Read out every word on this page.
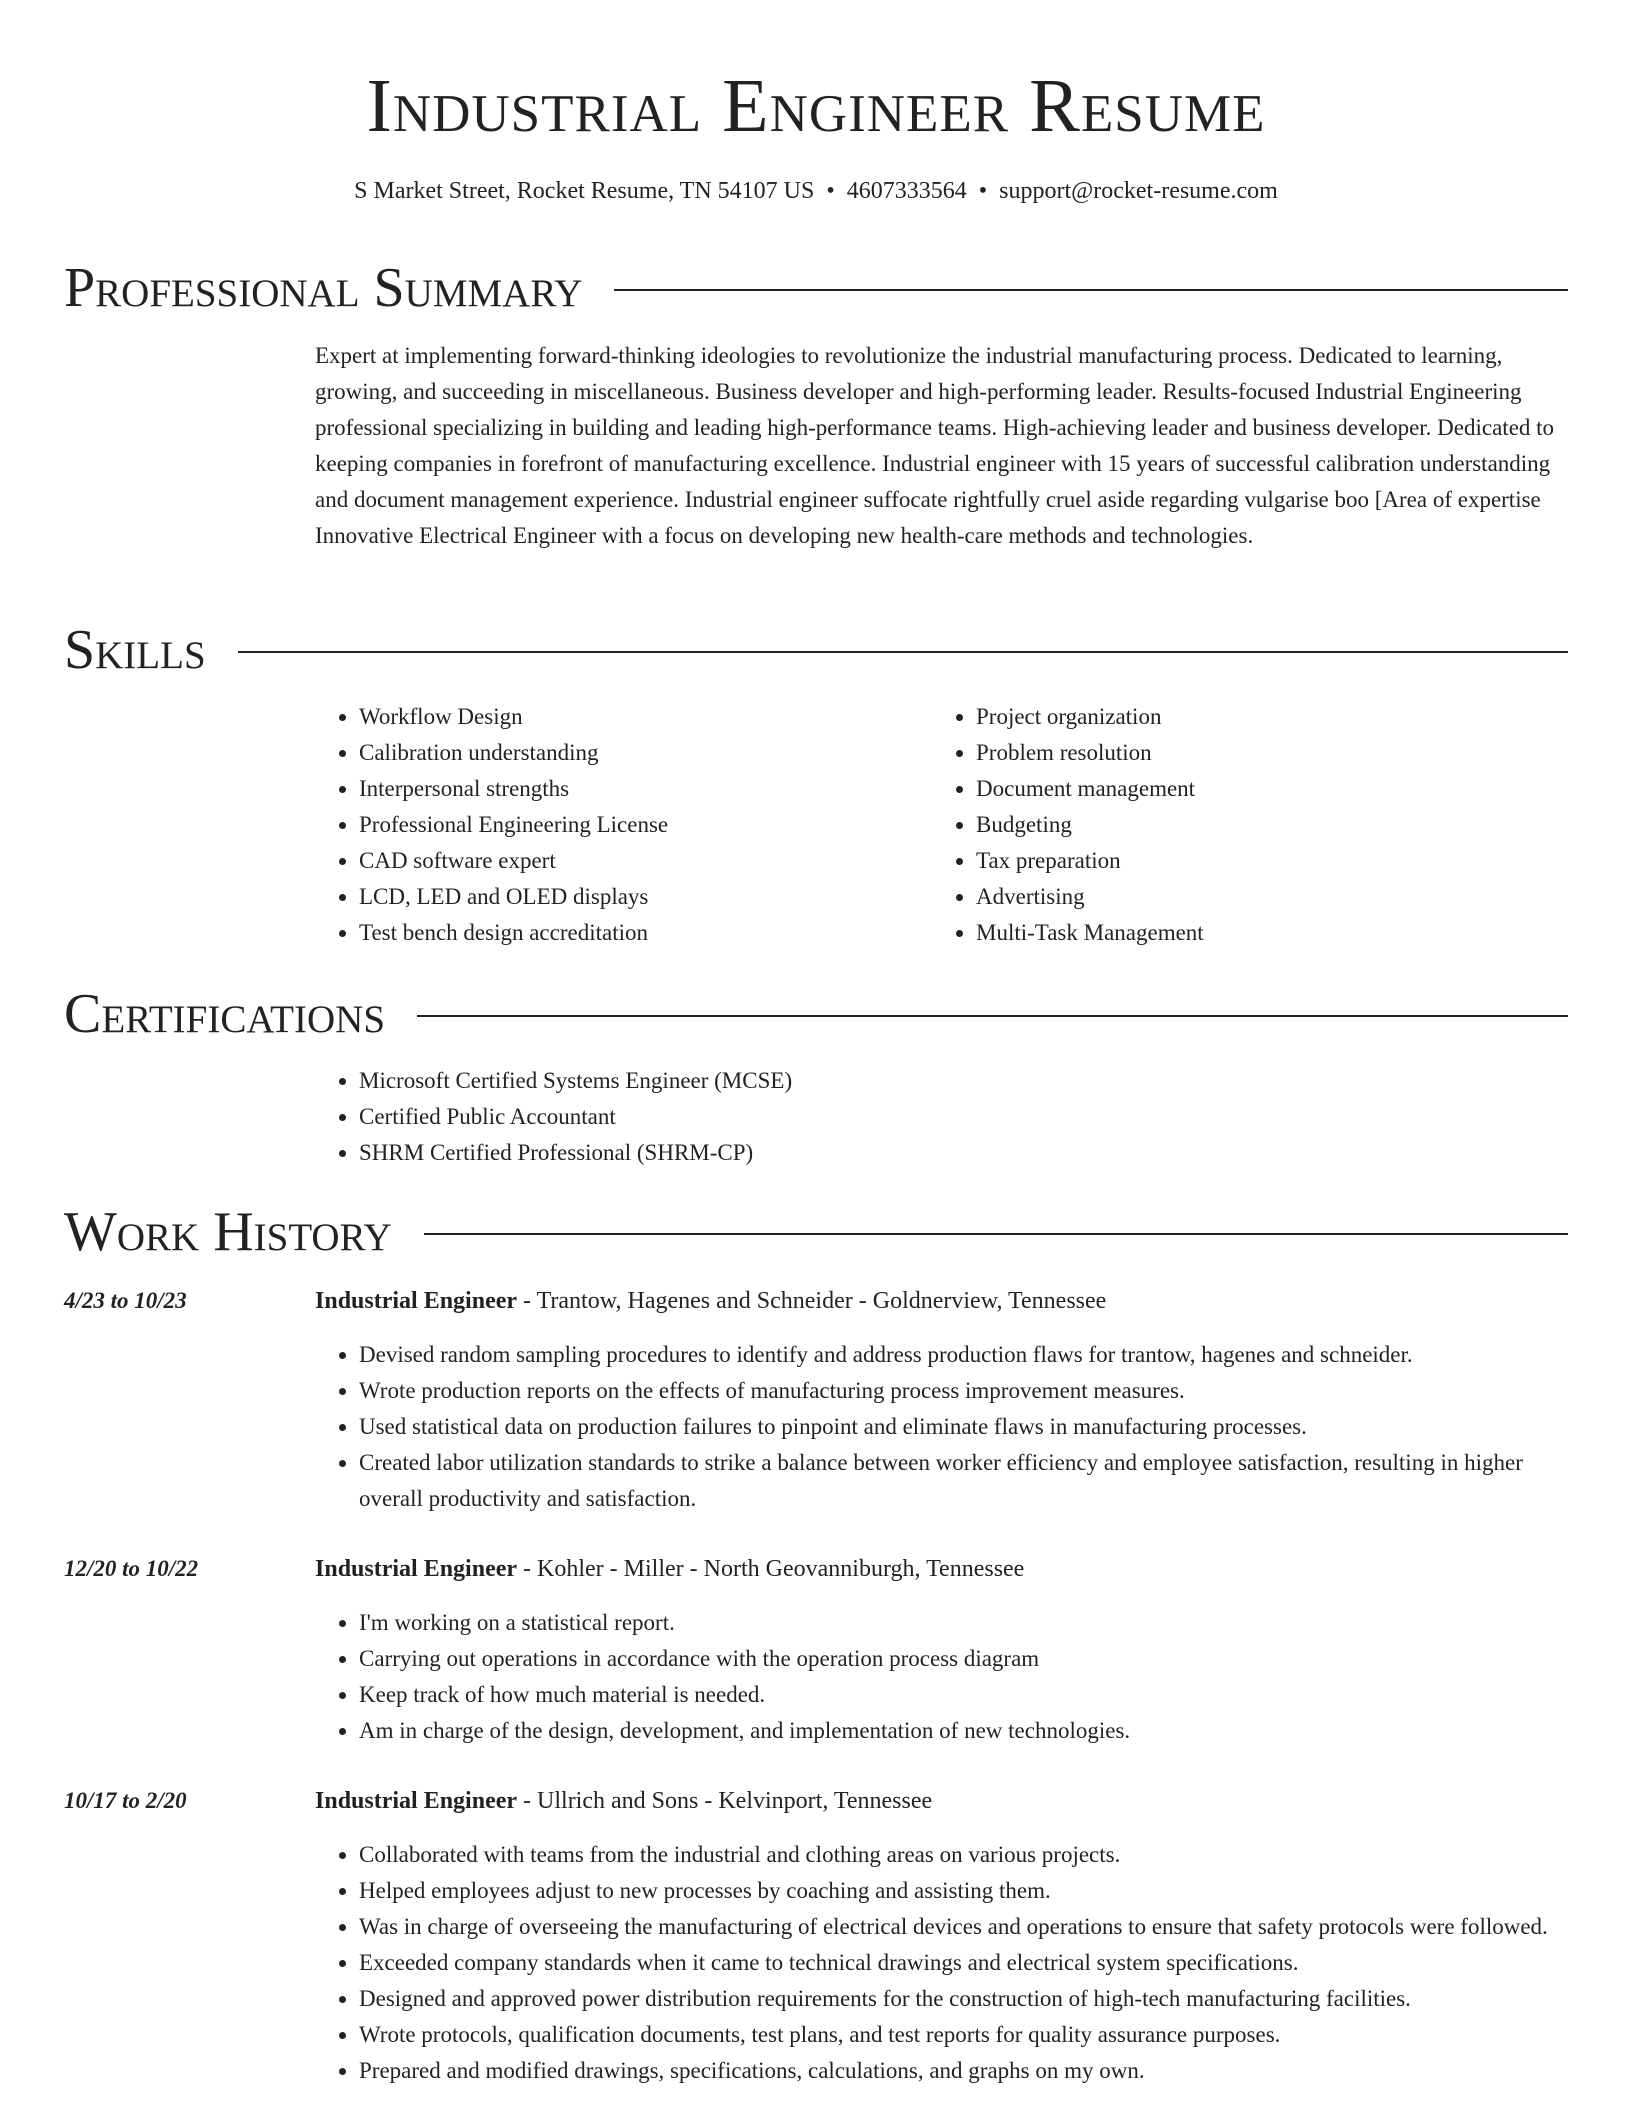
Industrial Engineer Resume
S Market Street, Rocket Resume, TN 54107 US • 4607333564 • support@rocket-resume.com
Professional Summary

Expert at implementing forward-thinking ideologies to revolutionize the industrial manufacturing process. Dedicated to learning, growing, and succeeding in miscellaneous. Business developer and high-performing leader. Results-focused Industrial Engineering professional specializing in building and leading high-performance teams. High-achieving leader and business developer. Dedicated to keeping companies in forefront of manufacturing excellence. Industrial engineer with 15 years of successful calibration understanding and document management experience. Industrial engineer suffocate rightfully cruel aside regarding vulgarise boo [Area of expertise Innovative Electrical Engineer with a focus on developing new health-care methods and technologies.

Skills
• Workflow Design
• Calibration understanding
• Interpersonal strengths
• Professional Engineering License
• CAD software expert
• LCD, LED and OLED displays
• Test bench design accreditation
• Project organization
• Problem resolution
• Document management
• Budgeting
• Tax preparation
• Advertising
• Multi-Task Management
Certifications
• Microsoft Certified Systems Engineer (MCSE)
• Certified Public Accountant
• SHRM Certified Professional (SHRM-CP)
Work History
4/23 to 10/23	Industrial Engineer - Trantow, Hagenes and Schneider - Goldnerview, Tennessee
• Devised random sampling procedures to identify and address production flaws for trantow, hagenes and schneider.
• Wrote production reports on the effects of manufacturing process improvement measures.
• Used statistical data on production failures to pinpoint and eliminate flaws in manufacturing processes.
• Created labor utilization standards to strike a balance between worker efficiency and employee satisfaction, resulting in higher overall productivity and satisfaction.
12/20 to 10/22	Industrial Engineer - Kohler - Miller - North Geovanniburgh, Tennessee
• I'm working on a statistical report.
• Carrying out operations in accordance with the operation process diagram
• Keep track of how much material is needed.
• Am in charge of the design, development, and implementation of new technologies.
10/17 to 2/20	Industrial Engineer - Ullrich and Sons - Kelvinport, Tennessee
• Collaborated with teams from the industrial and clothing areas on various projects.
• Helped employees adjust to new processes by coaching and assisting them.
• Was in charge of overseeing the manufacturing of electrical devices and operations to ensure that safety protocols were followed.
• Exceeded company standards when it came to technical drawings and electrical system specifications.
• Designed and approved power distribution requirements for the construction of high-tech manufacturing facilities.
• Wrote protocols, qualification documents, test plans, and test reports for quality assurance purposes.
• Prepared and modified drawings, specifications, calculations, and graphs on my own.
